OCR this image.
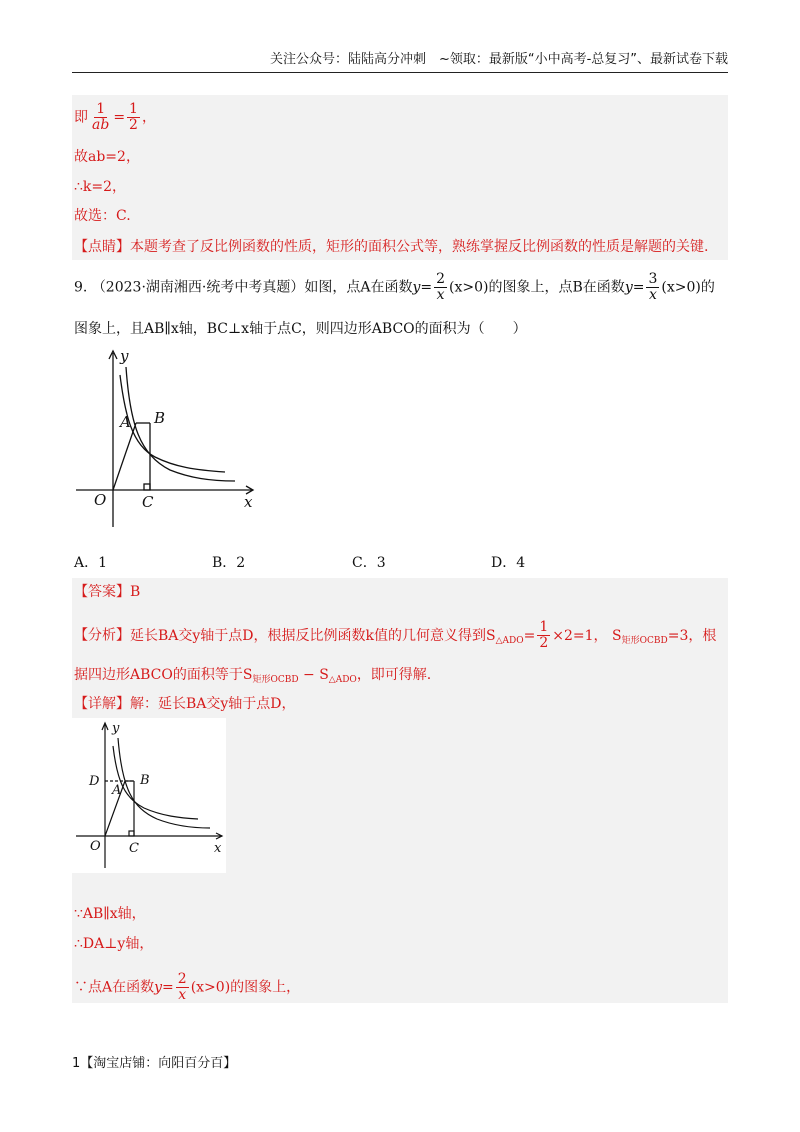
关注公众号：陆陆高分冲刺　~领取：最新版“小中高考-总复习”、最新试卷下载
即 $\frac{1}{ab} = \frac{1}{2}$ ，
故ab=2，
∴k=2，
故选：C.
【点睛】本题考查了反比例函数的性质，矩形的面积公式等，熟练掌握反比例函数的性质是解题的关键.
9. （2023·湖南湘西·统考中考真题）如图，点A在函数$y= \frac{2}{x} (x>0)$的图象上，点B在函数$y= \frac{3}{x} (x>0)$的
图象上，且AB∥x轴，BC⊥x轴于点C，则四边形ABCO的面积为（　　）
y
x
O
A B
C
A．1	B．2	C．3	D．4
【答案】B
【分析】延长BA交y轴于点D，根据反比例函数k值的几何意义得到$S_{\triangle ADO}= \frac{1}{2} \times 2=1$， $S_{矩形OCBD}=3$，根
据四边形ABCO的面积等于$S_{矩形OCBD} - S_{\triangle ADO}$，即可得解.
【详解】解：延长BA交y轴于点D，
y
x
O
A
B
C
D
∵AB∥x轴，
∴DA⊥y轴，
∵点A在函数$y= \frac{2}{x} (x>0)$的图象上，
1【淘宝店铺：向阳百分百】
